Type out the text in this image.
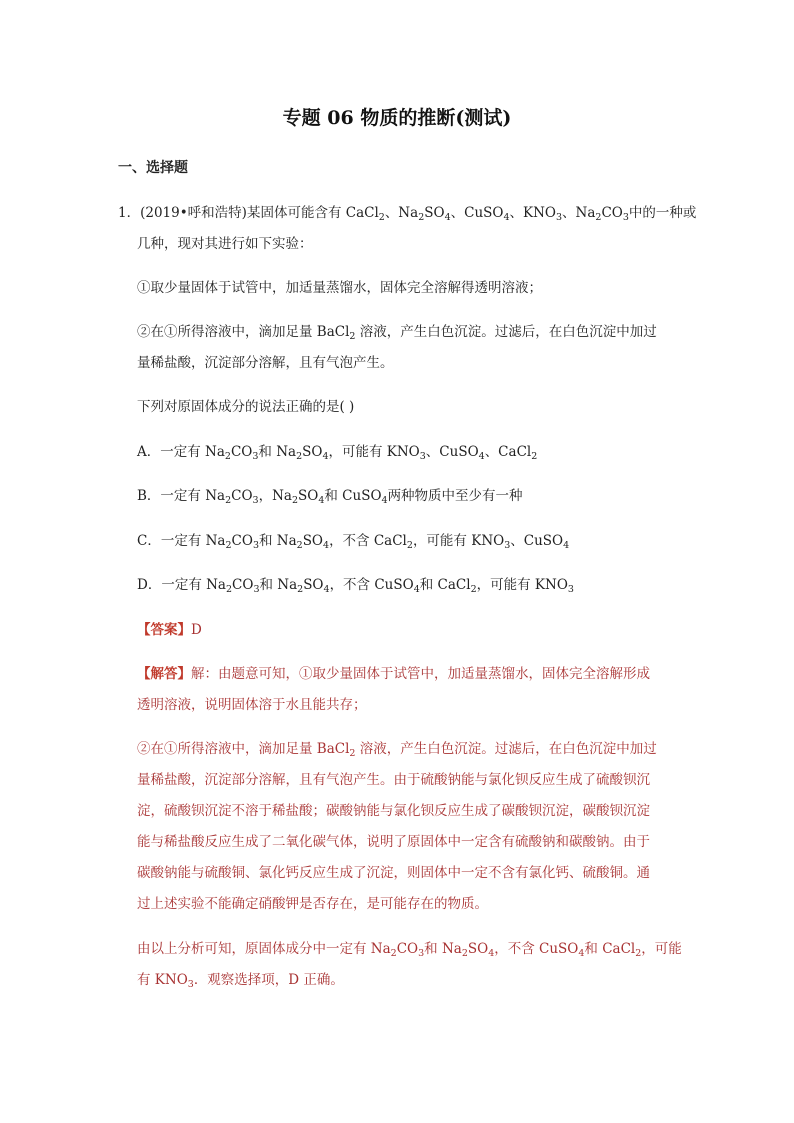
专题 06 物质的推断(测试)
一、选择题
1．(2019•呼和浩特)某固体可能含有 CaCl$_2$、$Na_2SO_4$、CuSO$_4$、$KNO_3$、$Na_2CO_3$中的一种或
几种，现对其进行如下实验：
①取少量固体于试管中，加适量蒸馏水，固体完全溶解得透明溶液；
②在①所得溶液中，滴加足量 BaCl$_2$ 溶液，产生白色沉淀。过滤后，在白色沉淀中加过
量稀盐酸，沉淀部分溶解，且有气泡产生。
下列对原固体成分的说法正确的是( )
A．一定有 $Na_2CO_3$和 $Na_2SO_4$，可能有 $KNO_3$、CuSO$_4$、CaCl$_2$
B．一定有 $Na_2CO_3$，$Na_2SO_4$和 CuSO$_4$两种物质中至少有一种
C．一定有 $Na_2CO_3$和 $Na_2SO_4$，不含 CaCl$_2$，可能有 $KNO_3$、CuSO$_4$
D．一定有 $Na_2CO_3$和 $Na_2SO_4$，不含 CuSO$_4$和 CaCl$_2$，可能有 $KNO_3$
【答案】D
【解答】解：由题意可知，①取少量固体于试管中，加适量蒸馏水，固体完全溶解形成
透明溶液，说明固体溶于水且能共存；
②在①所得溶液中，滴加足量 BaCl$_2$ 溶液，产生白色沉淀。过滤后，在白色沉淀中加过
量稀盐酸，沉淀部分溶解，且有气泡产生。由于硫酸钠能与氯化钡反应生成了硫酸钡沉
淀，硫酸钡沉淀不溶于稀盐酸；碳酸钠能与氯化钡反应生成了碳酸钡沉淀，碳酸钡沉淀
能与稀盐酸反应生成了二氧化碳气体，说明了原固体中一定含有硫酸钠和碳酸钠。由于
碳酸钠能与硫酸铜、氯化钙反应生成了沉淀，则固体中一定不含有氯化钙、硫酸铜。通
过上述实验不能确定硝酸钾是否存在，是可能存在的物质。
由以上分析可知，原固体成分中一定有 $Na_2CO_3$和 $Na_2SO_4$，不含 CuSO$_4$和 CaCl$_2$，可能
有 $KNO_3$．观察选择项，D 正确。
